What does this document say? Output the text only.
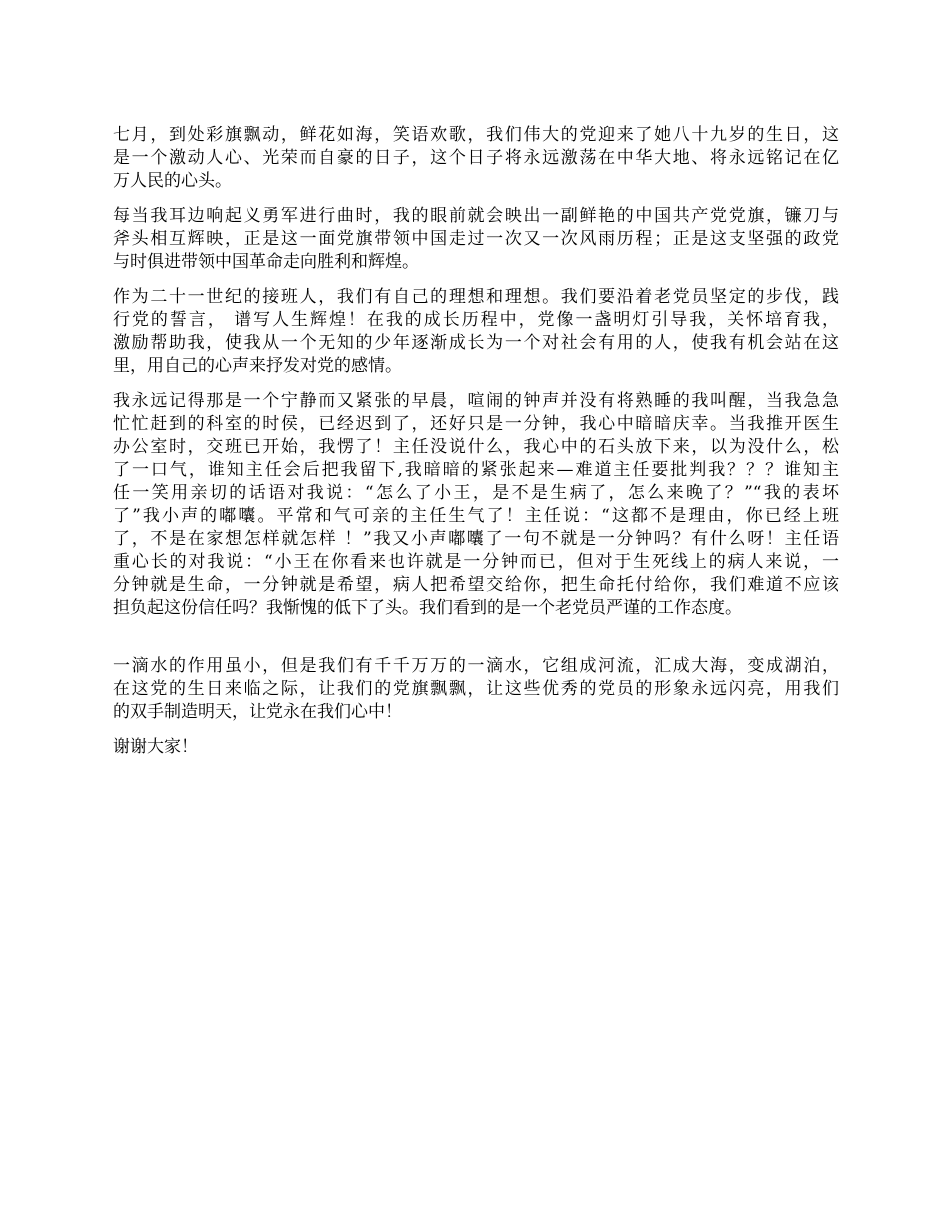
七月，到处彩旗飘动，鲜花如海，笑语欢歌，我们伟大的党迎来了她八十九岁的生日，这
是一个激动人心、光荣而自豪的日子，这个日子将永远激荡在中华大地、将永远铭记在亿
万人民的心头。
每当我耳边响起义勇军进行曲时，我的眼前就会映出一副鲜艳的中国共产党党旗，镰刀与
斧头相互辉映，正是这一面党旗带领中国走过一次又一次风雨历程；正是这支坚强的政党
与时俱进带领中国革命走向胜利和辉煌。
作为二十一世纪的接班人，我们有自己的理想和理想。我们要沿着老党员坚定的步伐，践
行党的誓言， 谱写人生辉煌！在我的成长历程中，党像一盏明灯引导我，关怀培育我，
激励帮助我，使我从一个无知的少年逐渐成长为一个对社会有用的人，使我有机会站在这
里，用自己的心声来抒发对党的感情。
我永远记得那是一个宁静而又紧张的早晨，喧闹的钟声并没有将熟睡的我叫醒，当我急急
忙忙赶到的科室的时侯，已经迟到了，还好只是一分钟，我心中暗暗庆幸。当我推开医生
办公室时，交班已开始，我愣了！主任没说什么，我心中的石头放下来，以为没什么，松
了一口气，谁知主任会后把我留下,我暗暗的紧张起来—难道主任要批判我？？？谁知主
任一笑用亲切的话语对我说：“怎么了小王，是不是生病了，怎么来晚了？”“我的表坏
了”我小声的嘟囔。平常和气可亲的主任生气了！主任说：“这都不是理由，你已经上班
了，不是在家想怎样就怎样 ！”我又小声嘟囔了一句不就是一分钟吗？有什么呀！主任语
重心长的对我说：“小王在你看来也许就是一分钟而已，但对于生死线上的病人来说，一
分钟就是生命，一分钟就是希望，病人把希望交给你，把生命托付给你，我们难道不应该
担负起这份信任吗？我惭愧的低下了头。我们看到的是一个老党员严谨的工作态度。
一滴水的作用虽小，但是我们有千千万万的一滴水，它组成河流，汇成大海，变成湖泊，
在这党的生日来临之际，让我们的党旗飘飘，让这些优秀的党员的形象永远闪亮，用我们
的双手制造明天，让党永在我们心中！
谢谢大家！
